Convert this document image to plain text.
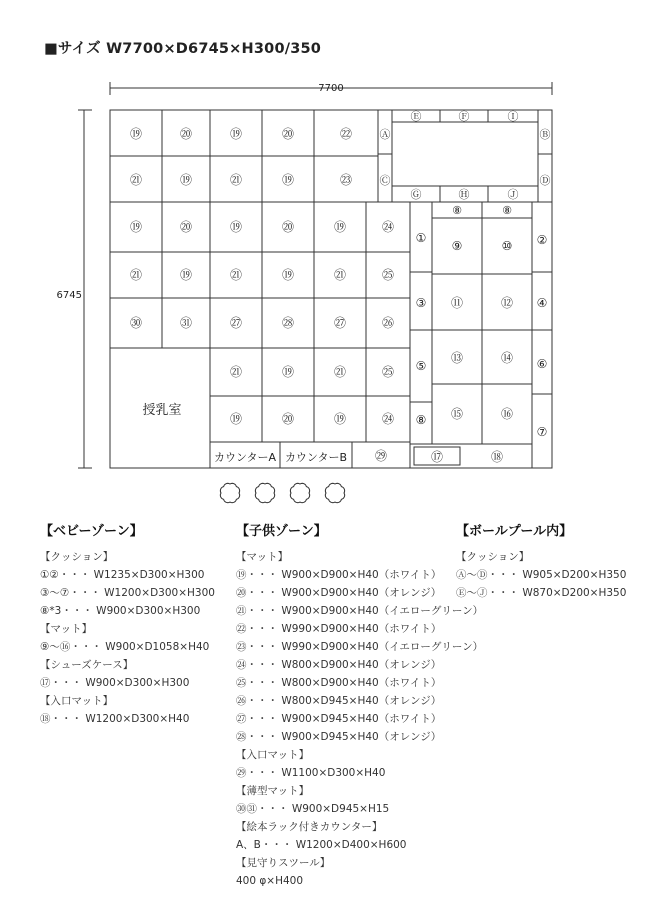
■サイズ W7700×D6745×H300/350
7700
6745
⑲	⑳	⑲	⑳	㉒
㉑	⑲	㉑	⑲	㉓
⑲	⑳	⑲	⑳	⑲	㉔
㉑	⑲	㉑	⑲	㉑	㉕
㉚	㉛	㉗	㉘	㉗	㉖
㉑	⑲	㉑	㉕
⑲	⑳	⑲	㉔
㉙
授乳室
カウンターA カウンターB
Ⓔ	Ⓕ	Ⓘ
Ⓖ	Ⓗ	Ⓙ
Ⓐ
Ⓒ
Ⓑ
Ⓓ
①
③
⑤
⑧
②
④
⑥
⑦
⑧	⑧
⑨	⑩
⑪	⑫
⑬	⑭
⑮	⑯
⑰	⑱
【ベビーゾーン】
【クッション】
①②・・・ W1235×D300×H300
③～⑦・・・ W1200×D300×H300
⑧*3・・・ W900×D300×H300
【マット】
⑨～⑯・・・ W900×D1058×H40
【シューズケース】
⑰・・・ W900×D300×H300
【入口マット】
⑱・・・ W1200×D300×H40
【子供ゾーン】
【マット】
⑲・・・ W900×D900×H40（ホワイト）
⑳・・・ W900×D900×H40（オレンジ）
㉑・・・ W900×D900×H40（イエローグリーン）
㉒・・・ W990×D900×H40（ホワイト）
㉓・・・ W990×D900×H40（イエローグリーン）
㉔・・・ W800×D900×H40（オレンジ）
㉕・・・ W800×D900×H40（ホワイト）
㉖・・・ W800×D945×H40（オレンジ）
㉗・・・ W900×D945×H40（ホワイト）
㉘・・・ W900×D945×H40（オレンジ）
【入口マット】
㉙・・・ W1100×D300×H40
【薄型マット】
㉚㉛・・・ W900×D945×H15
【絵本ラック付きカウンター】
A、B・・・ W1200×D400×H600
【見守りスツール】
400 φ×H400
【ボールプール内】
【クッション】
Ⓐ～Ⓓ・・・ W905×D200×H350
Ⓔ～Ⓙ・・・ W870×D200×H350
